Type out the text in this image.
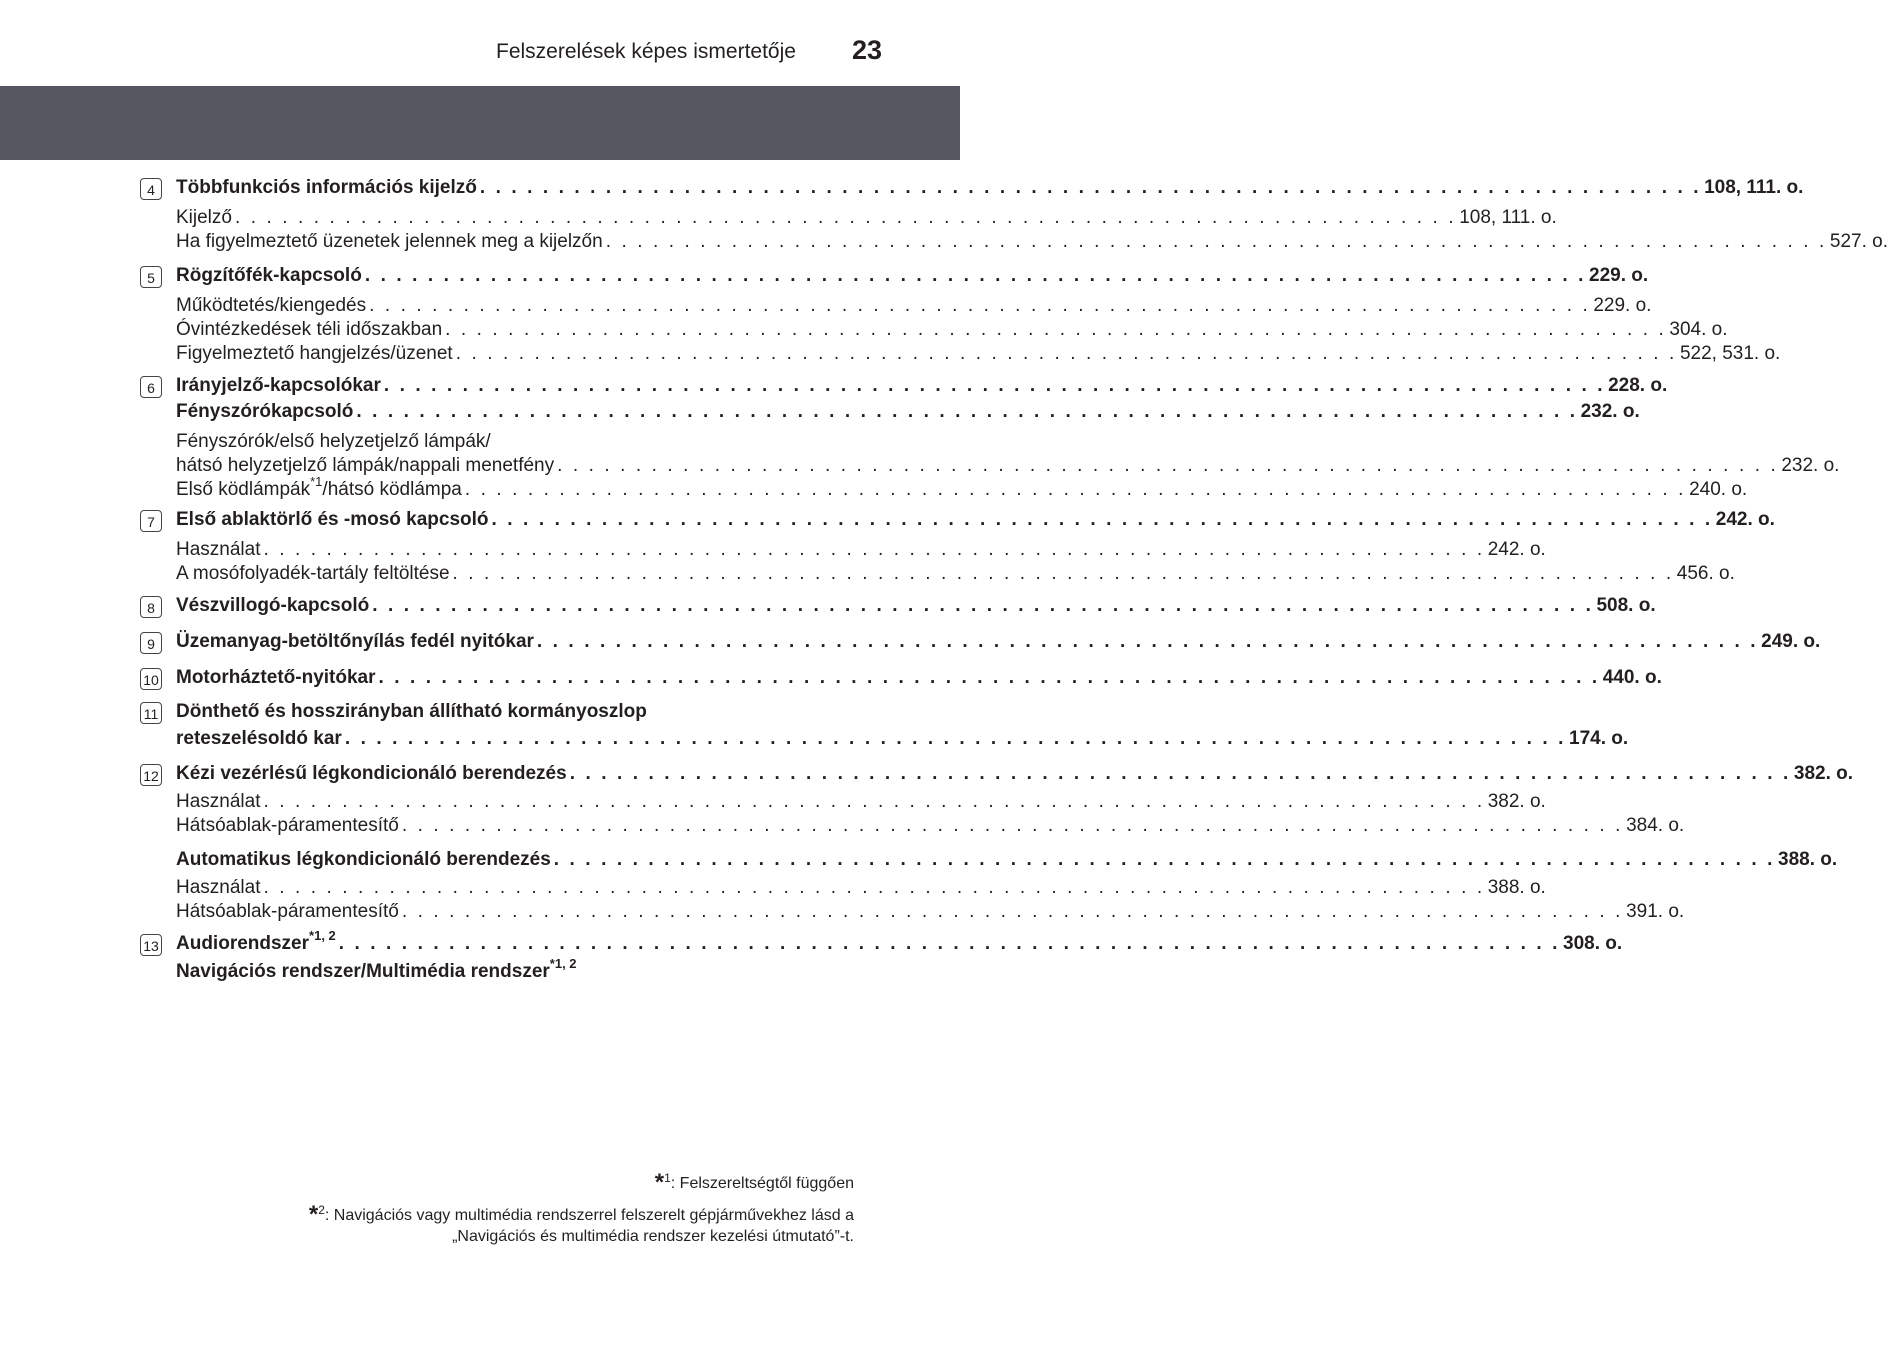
Felszerelések képes ismertetője 23
4	Többfunkciós információs kijelző . . . . . . . . . . . . . . . . . . . . . . . . . . . . . . . . . . . . . . . . . . . . . . . . . . . . . . . . . . . . . . . . . . . . . . . . . . . . . . 108, 111. o.
Kijelző . . . . . . . . . . . . . . . . . . . . . . . . . . . . . . . . . . . . . . . . . . . . . . . . . . . . . . . . . . . . . . . . . . . . . . . . . . . . . . 108, 111. o.
Ha figyelmeztető üzenetek jelennek meg a kijelzőn . . . . . . . . . . . . . . . . . . . . . . . . . . . . . . . . . . . . . . . . . . . . . . . . . . . . . . . . . . . . . . . . . . . . . . . . . . . . . . 527. o.
5	Rögzítőfék-kapcsoló . . . . . . . . . . . . . . . . . . . . . . . . . . . . . . . . . . . . . . . . . . . . . . . . . . . . . . . . . . . . . . . . . . . . . . . . . . . . . . 229. o.
Működtetés/kiengedés . . . . . . . . . . . . . . . . . . . . . . . . . . . . . . . . . . . . . . . . . . . . . . . . . . . . . . . . . . . . . . . . . . . . . . . . . . . . . . 229. o.
Óvintézkedések téli időszakban . . . . . . . . . . . . . . . . . . . . . . . . . . . . . . . . . . . . . . . . . . . . . . . . . . . . . . . . . . . . . . . . . . . . . . . . . . . . . . 304. o.
Figyelmeztető hangjelzés/üzenet . . . . . . . . . . . . . . . . . . . . . . . . . . . . . . . . . . . . . . . . . . . . . . . . . . . . . . . . . . . . . . . . . . . . . . . . . . . . . . 522, 531. o.
6	Irányjelző-kapcsolókar . . . . . . . . . . . . . . . . . . . . . . . . . . . . . . . . . . . . . . . . . . . . . . . . . . . . . . . . . . . . . . . . . . . . . . . . . . . . . . 228. o.
Fényszórókapcsoló . . . . . . . . . . . . . . . . . . . . . . . . . . . . . . . . . . . . . . . . . . . . . . . . . . . . . . . . . . . . . . . . . . . . . . . . . . . . . . 232. o.
Fényszórók/első helyzetjelző lámpák/
hátsó helyzetjelző lámpák/nappali menetfény . . . . . . . . . . . . . . . . . . . . . . . . . . . . . . . . . . . . . . . . . . . . . . . . . . . . . . . . . . . . . . . . . . . . . . . . . . . . . . 232. o.
Első ködlámpák$^{*1}$/hátsó ködlámpa . . . . . . . . . . . . . . . . . . . . . . . . . . . . . . . . . . . . . . . . . . . . . . . . . . . . . . . . . . . . . . . . . . . . . . . . . . . . . . 240. o.
7	Első ablaktörlő és -mosó kapcsoló . . . . . . . . . . . . . . . . . . . . . . . . . . . . . . . . . . . . . . . . . . . . . . . . . . . . . . . . . . . . . . . . . . . . . . . . . . . . . . 242. o.
Használat . . . . . . . . . . . . . . . . . . . . . . . . . . . . . . . . . . . . . . . . . . . . . . . . . . . . . . . . . . . . . . . . . . . . . . . . . . . . . . 242. o.
A mosófolyadék-tartály feltöltése . . . . . . . . . . . . . . . . . . . . . . . . . . . . . . . . . . . . . . . . . . . . . . . . . . . . . . . . . . . . . . . . . . . . . . . . . . . . . . 456. o.
8	Vészvillogó-kapcsoló . . . . . . . . . . . . . . . . . . . . . . . . . . . . . . . . . . . . . . . . . . . . . . . . . . . . . . . . . . . . . . . . . . . . . . . . . . . . . . 508. o.
9	Üzemanyag-betöltőnyílás fedél nyitókar . . . . . . . . . . . . . . . . . . . . . . . . . . . . . . . . . . . . . . . . . . . . . . . . . . . . . . . . . . . . . . . . . . . . . . . . . . . . . . 249. o.
10 Motorháztető-nyitókar . . . . . . . . . . . . . . . . . . . . . . . . . . . . . . . . . . . . . . . . . . . . . . . . . . . . . . . . . . . . . . . . . . . . . . . . . . . . . . 440. o.
11 Dönthető és hosszirányban állítható kormányoszlop
reteszelésoldó kar . . . . . . . . . . . . . . . . . . . . . . . . . . . . . . . . . . . . . . . . . . . . . . . . . . . . . . . . . . . . . . . . . . . . . . . . . . . . . . 174. o.
12 Kézi vezérlésű légkondicionáló berendezés . . . . . . . . . . . . . . . . . . . . . . . . . . . . . . . . . . . . . . . . . . . . . . . . . . . . . . . . . . . . . . . . . . . . . . . . . . . . . . 382. o.
Használat . . . . . . . . . . . . . . . . . . . . . . . . . . . . . . . . . . . . . . . . . . . . . . . . . . . . . . . . . . . . . . . . . . . . . . . . . . . . . . 382. o.
Hátsóablak-páramentesítő . . . . . . . . . . . . . . . . . . . . . . . . . . . . . . . . . . . . . . . . . . . . . . . . . . . . . . . . . . . . . . . . . . . . . . . . . . . . . . 384. o.
Automatikus légkondicionáló berendezés . . . . . . . . . . . . . . . . . . . . . . . . . . . . . . . . . . . . . . . . . . . . . . . . . . . . . . . . . . . . . . . . . . . . . . . . . . . . . . 388. o.
Használat . . . . . . . . . . . . . . . . . . . . . . . . . . . . . . . . . . . . . . . . . . . . . . . . . . . . . . . . . . . . . . . . . . . . . . . . . . . . . . 388. o.
Hátsóablak-páramentesítő . . . . . . . . . . . . . . . . . . . . . . . . . . . . . . . . . . . . . . . . . . . . . . . . . . . . . . . . . . . . . . . . . . . . . . . . . . . . . . 391. o.
13 Audiorendszer$^{*1, 2}$ . . . . . . . . . . . . . . . . . . . . . . . . . . . . . . . . . . . . . . . . . . . . . . . . . . . . . . . . . . . . . . . . . . . . . . . . . . . . . . 308. o.
Navigációs rendszer/Multimédia rendszer$^{*1, 2}$
*$^1$: Felszereltségtől függően
*$^2$: Navigációs vagy multimédia rendszerrel felszerelt gépjárművekhez lásd a
„Navigációs és multimédia rendszer kezelési útmutató”-t.
